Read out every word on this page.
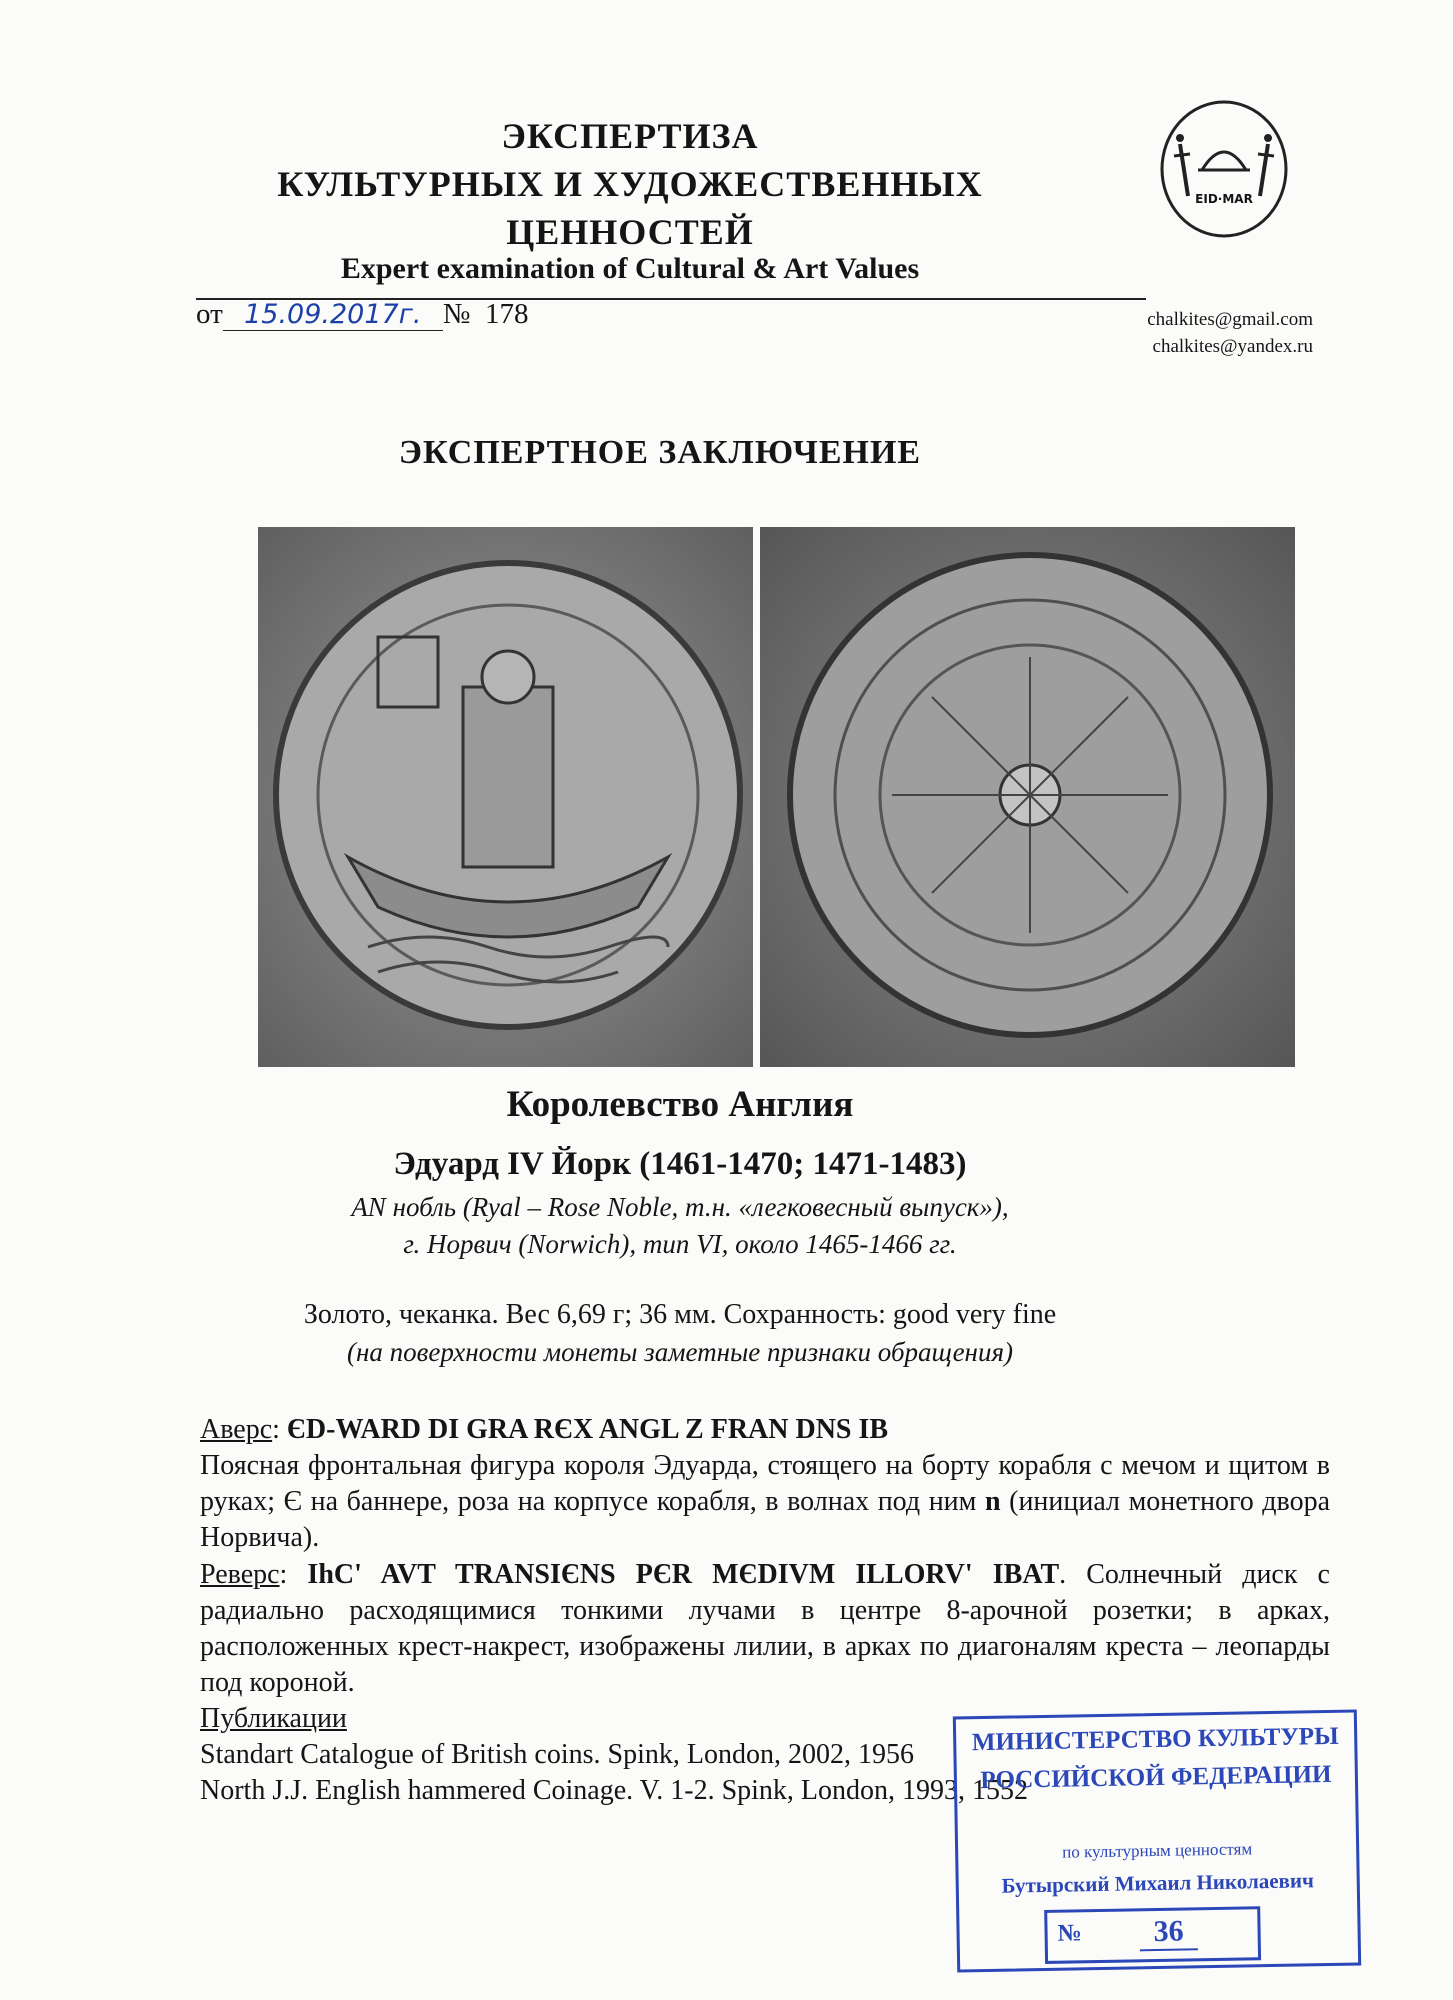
ЭКСПЕРТИЗА
КУЛЬТУРНЫХ И ХУДОЖЕСТВЕННЫХ
ЦЕННОСТЕЙ
Expert examination of Cultural & Art Values
от 15.09.2017г. № 178	chalkites@gmail.com
chalkites@yandex.ru
EID·MAR
ЭКСПЕРТНОЕ ЗАКЛЮЧЕНИЕ
Королевство Англия
Эдуард IV Йорк (1461-1470; 1471-1483)
AN нобль (Ryal – Rose Noble, т.н. «легковесный выпуск»),
г. Норвич (Norwich), тип VI, около 1465-1466 гг.
Золото, чеканка. Вес 6,69 г; 36 мм. Сохранность: good very fine
(на поверхности монеты заметные признаки обращения)
Аверс: ЄD-WARD DI GRA RЄX ANGL Z FRAN DNS IB
Поясная фронтальная фигура короля Эдуарда, стоящего на борту корабля с мечом и щитом в руках; Є на баннере, роза на корпусе корабля, в волнах под ним n (инициал монетного двора Норвича).
Реверс: IhC' AVT TRANSIЄNS PЄR MЄDIVM ILLORV' IBAT. Солнечный диск с радиально расходящимися тонкими лучами в центре 8-арочной розетки; в арках, расположенных крест-накрест, изображены лилии, в арках по диагоналям креста – леопарды под короной.
Публикации
Standart Catalogue of British coins. Spink, London, 2002, 1956
North J.J. English hammered Coinage. V. 1-2. Spink, London, 1993, 1552
МИНИСТЕРСТВО КУЛЬТУРЫ
РОССИЙСКОЙ ФЕДЕРАЦИИ
по культурным ценностям
Бутырский Михаил Николаевич
№	36
